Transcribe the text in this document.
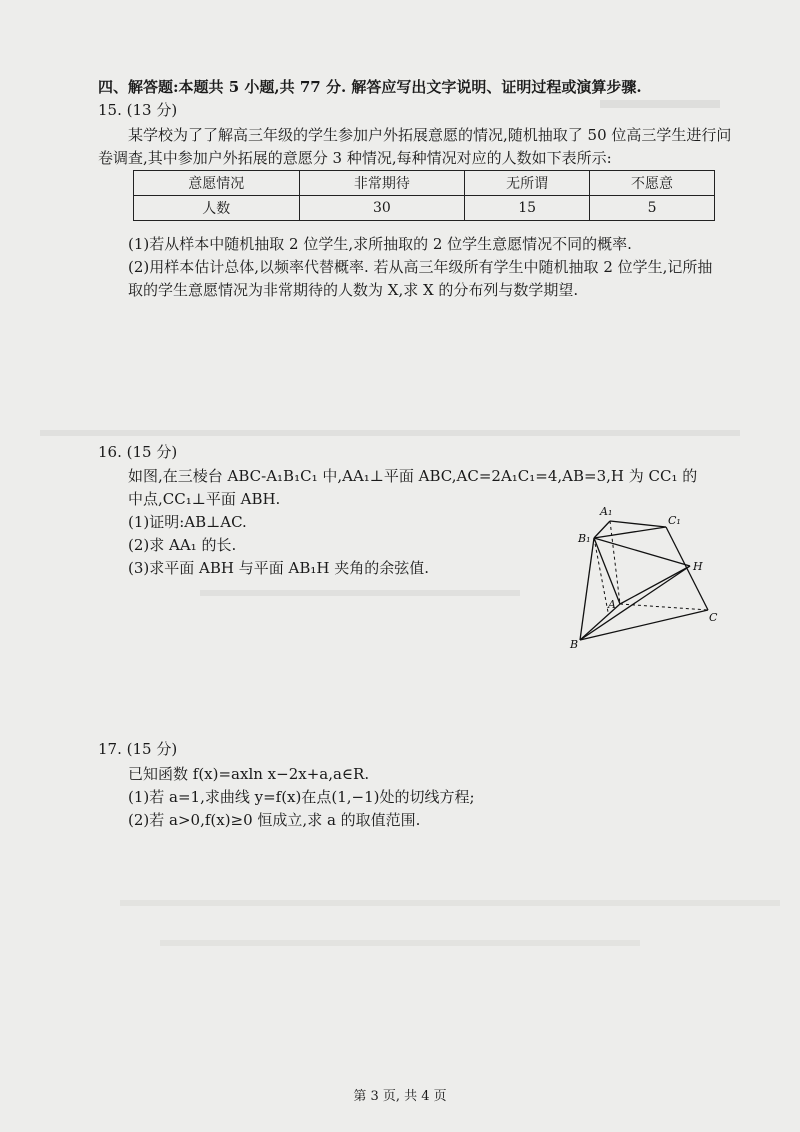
四、解答题:本题共 5 小题,共 77 分. 解答应写出文字说明、证明过程或演算步骤.
15. (13 分)
某学校为了了解高三年级的学生参加户外拓展意愿的情况,随机抽取了 50 位高三学生进行问
卷调查,其中参加户外拓展的意愿分 3 种情况,每种情况对应的人数如下表所示:
意愿情况	非常期待	无所谓	不愿意
人数	30	15	5
(1)若从样本中随机抽取 2 位学生,求所抽取的 2 位学生意愿情况不同的概率.
(2)用样本估计总体,以频率代替概率. 若从高三年级所有学生中随机抽取 2 位学生,记所抽
取的学生意愿情况为非常期待的人数为 X,求 X 的分布列与数学期望.
16. (15 分)
如图,在三棱台 ABC-A₁B₁C₁ 中,AA₁⊥平面 ABC,AC=2A₁C₁=4,AB=3,H 为 CC₁ 的
中点,CC₁⊥平面 ABH.
(1)证明:AB⊥AC.
(2)求 AA₁ 的长.
(3)求平面 ABH 与平面 AB₁H 夹角的余弦值.
A₁
C₁
B₁
H
A
C
B
17. (15 分)
已知函数 f(x)=axln x−2x+a,a∈R.
(1)若 a=1,求曲线 y=f(x)在点(1,−1)处的切线方程;
(2)若 a>0,f(x)≥0 恒成立,求 a 的取值范围.
第 3 页, 共 4 页
